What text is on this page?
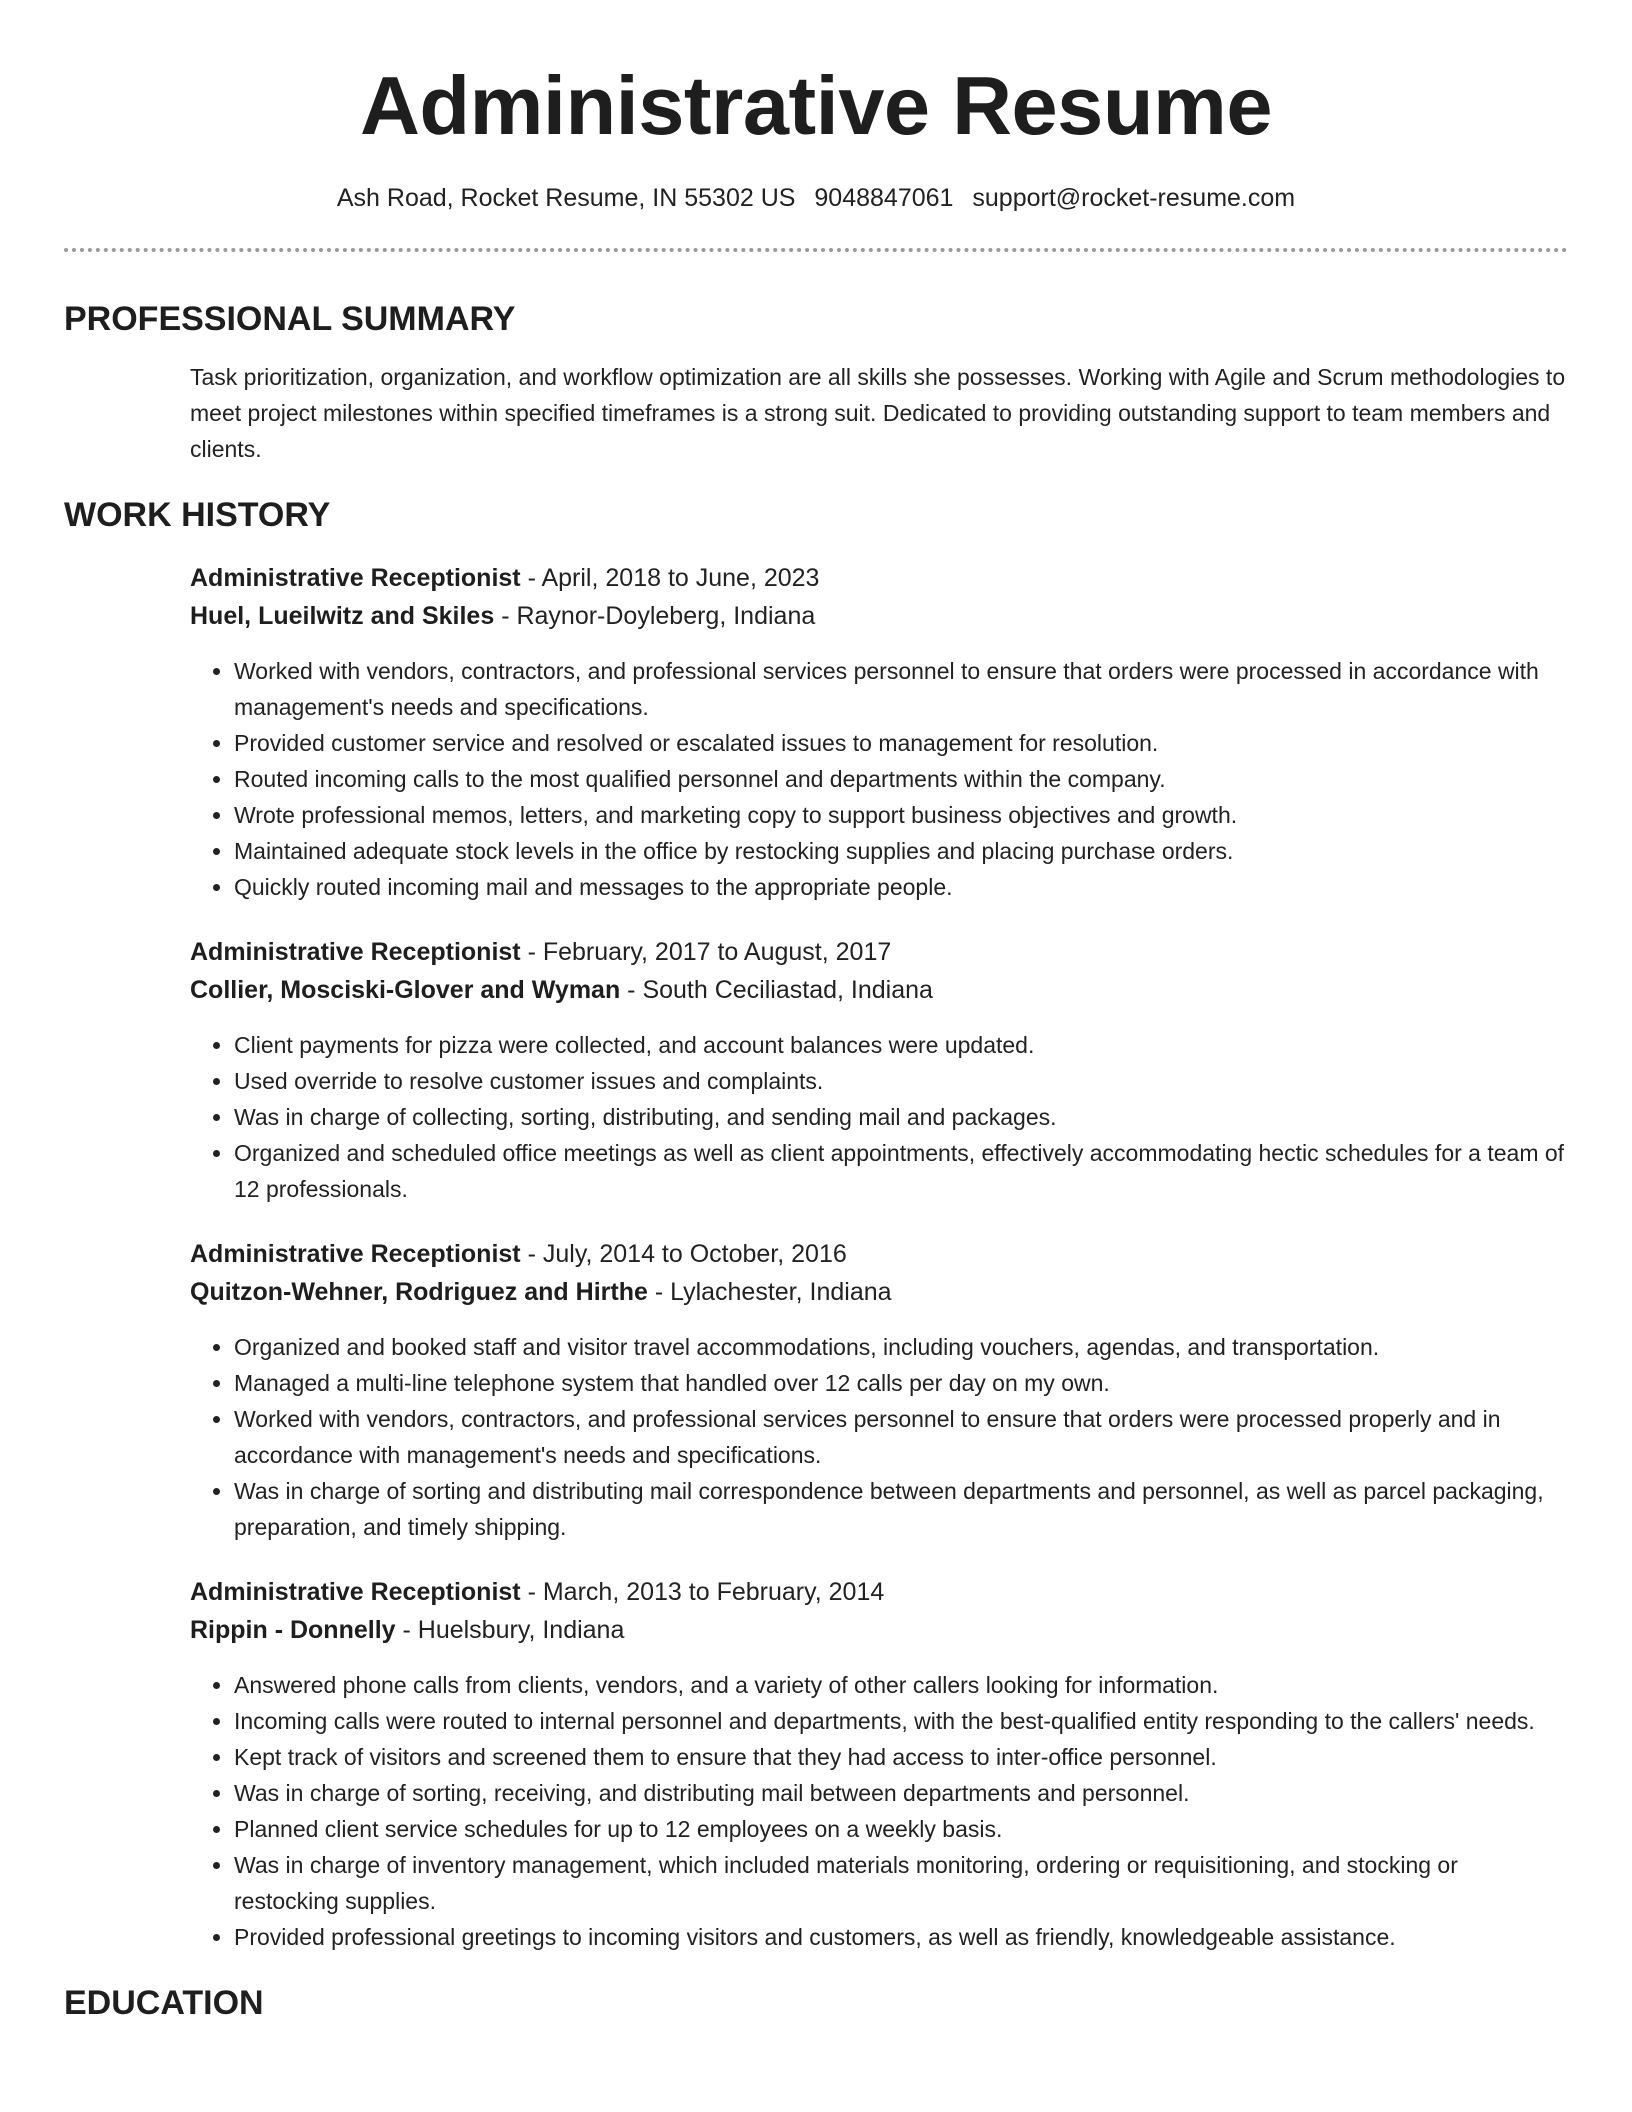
Administrative Resume
Ash Road, Rocket Resume, IN 55302 US 9048847061 support@rocket-resume.com
PROFESSIONAL SUMMARY
Task prioritization, organization, and workflow optimization are all skills she possesses. Working with Agile and Scrum methodologies to meet project milestones within specified timeframes is a strong suit. Dedicated to providing outstanding support to team members and clients.
WORK HISTORY
Administrative Receptionist - April, 2018 to June, 2023
Huel, Lueilwitz and Skiles - Raynor-Doyleberg, Indiana
• Worked with vendors, contractors, and professional services personnel to ensure that orders were processed in accordance with management's needs and specifications.
• Provided customer service and resolved or escalated issues to management for resolution.
• Routed incoming calls to the most qualified personnel and departments within the company.
• Wrote professional memos, letters, and marketing copy to support business objectives and growth.
• Maintained adequate stock levels in the office by restocking supplies and placing purchase orders.
• Quickly routed incoming mail and messages to the appropriate people.
Administrative Receptionist - February, 2017 to August, 2017
Collier, Mosciski-Glover and Wyman - South Ceciliastad, Indiana
• Client payments for pizza were collected, and account balances were updated.
• Used override to resolve customer issues and complaints.
• Was in charge of collecting, sorting, distributing, and sending mail and packages.
• Organized and scheduled office meetings as well as client appointments, effectively accommodating hectic schedules for a team of 12 professionals.
Administrative Receptionist - July, 2014 to October, 2016
Quitzon-Wehner, Rodriguez and Hirthe - Lylachester, Indiana
• Organized and booked staff and visitor travel accommodations, including vouchers, agendas, and transportation.
• Managed a multi-line telephone system that handled over 12 calls per day on my own.
• Worked with vendors, contractors, and professional services personnel to ensure that orders were processed properly and in accordance with management's needs and specifications.
• Was in charge of sorting and distributing mail correspondence between departments and personnel, as well as parcel packaging, preparation, and timely shipping.
Administrative Receptionist - March, 2013 to February, 2014
Rippin - Donnelly - Huelsbury, Indiana
• Answered phone calls from clients, vendors, and a variety of other callers looking for information.
• Incoming calls were routed to internal personnel and departments, with the best-qualified entity responding to the callers' needs.
• Kept track of visitors and screened them to ensure that they had access to inter-office personnel.
• Was in charge of sorting, receiving, and distributing mail between departments and personnel.
• Planned client service schedules for up to 12 employees on a weekly basis.
• Was in charge of inventory management, which included materials monitoring, ordering or requisitioning, and stocking or restocking supplies.
• Provided professional greetings to incoming visitors and customers, as well as friendly, knowledgeable assistance.
EDUCATION
